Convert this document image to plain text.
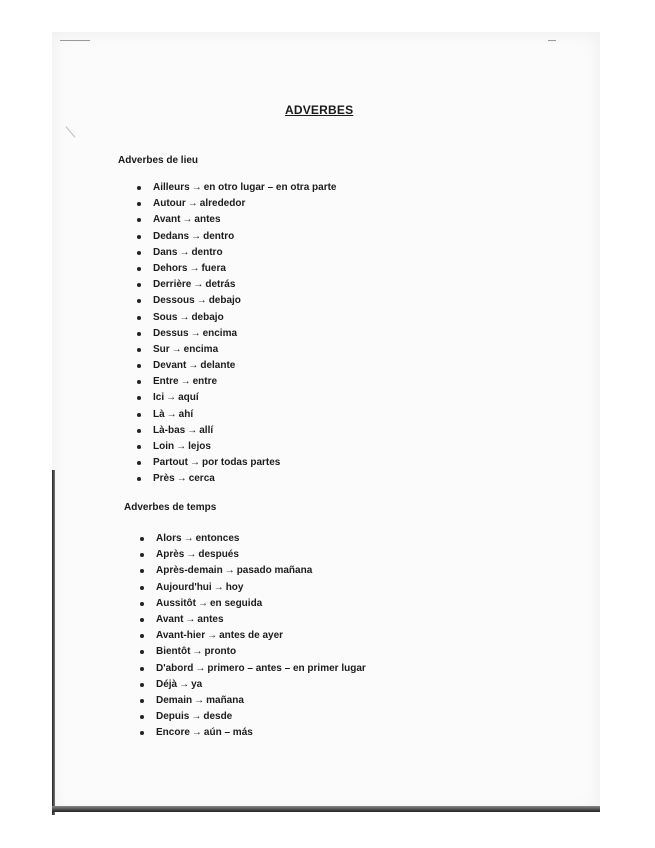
ADVERBES
Adverbes de lieu
Ailleurs → en otro lugar – en otra parte
Autour → alrededor
Avant → antes
Dedans → dentro
Dans → dentro
Dehors → fuera
Derrière → detrás
Dessous → debajo
Sous → debajo
Dessus → encima
Sur → encima
Devant → delante
Entre → entre
Ici → aquí
Là → ahí
Là-bas → allí
Loin → lejos
Partout → por todas partes
Près → cerca
Adverbes de temps
Alors → entonces
Après → después
Après-demain → pasado mañana
Aujourd'hui → hoy
Aussitôt → en seguida
Avant → antes
Avant-hier → antes de ayer
Bientôt → pronto
D'abord → primero – antes – en primer lugar
Déjà → ya
Demain → mañana
Depuis → desde
Encore → aún – más
